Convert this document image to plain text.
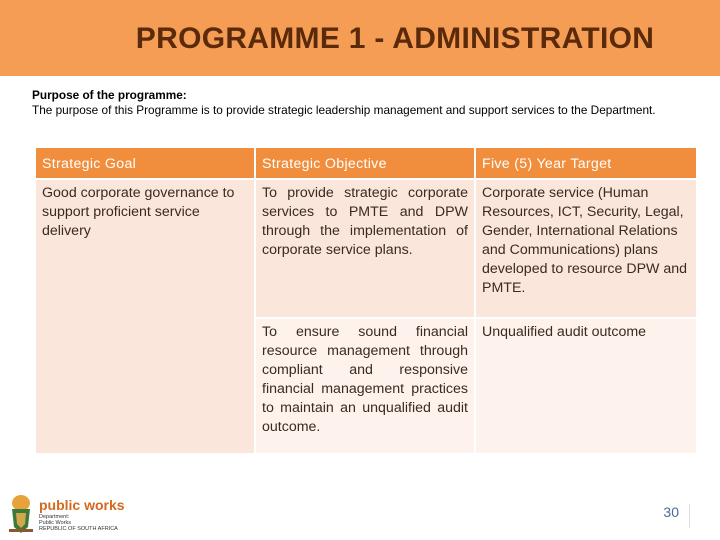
PROGRAMME 1 - ADMINISTRATION
Purpose of the programme:
The purpose of this Programme is to provide strategic leadership management and support services to the Department.
Strategic Goal	Strategic Objective	Five (5) Year Target
Good corporate governance to support proficient service delivery	To provide strategic corporate services to PMTE and DPW through the implementation of corporate service plans.	Corporate service (Human Resources, ICT, Security, Legal, Gender, International Relations and Communications) plans developed to resource DPW and PMTE.
	To ensure sound financial resource management through compliant and responsive financial management practices to maintain an unqualified audit outcome.	Unqualified audit outcome
public works
Department:
Public Works
REPUBLIC OF SOUTH AFRICA
30
